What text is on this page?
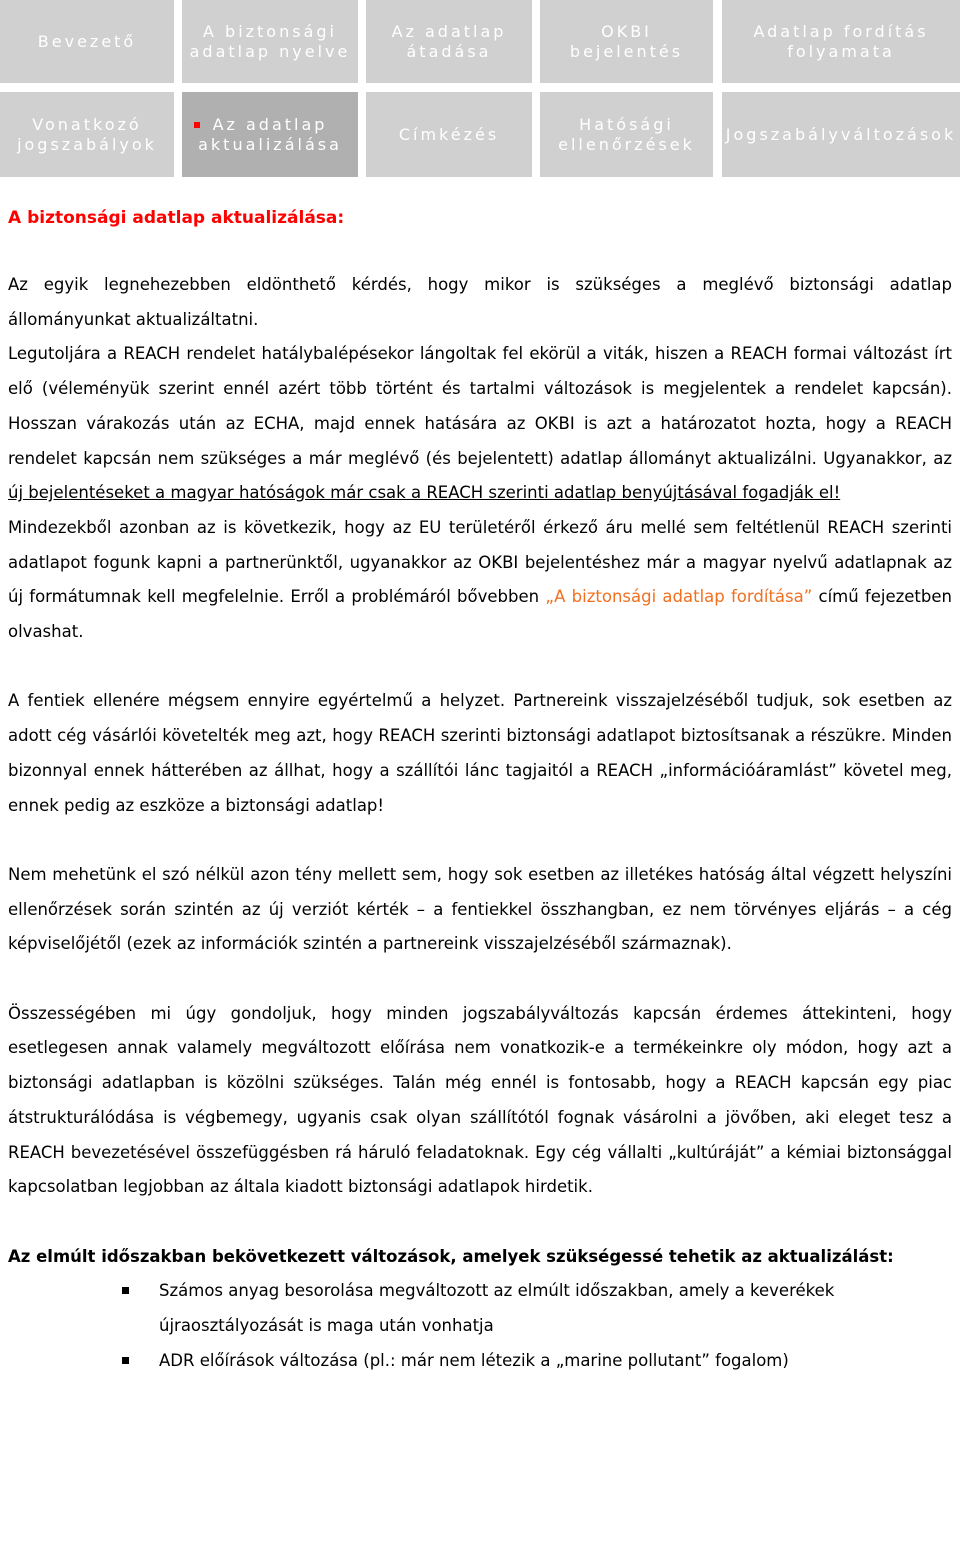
Bevezető
A biztonsági adatlap nyelve
Az adatlap átadása
OKBI bejelentés
Adatlap fordítás folyamata
Vonatkozó jogszabályok
Az adatlap aktualizálása
Címkézés
Hatósági ellenőrzések
Jogszabályváltozások
A biztonsági adatlap aktualizálása:

Az egyik legnehezebben eldönthető kérdés, hogy mikor is szükséges a meglévő biztonsági adatlap állományunkat aktualizáltatni.

Legutoljára a REACH rendelet hatálybalépésekor lángoltak fel ekörül a viták, hiszen a REACH formai változást írt elő (véleményük szerint ennél azért több történt és tartalmi változások is megjelentek a rendelet kapcsán). Hosszan várakozás után az ECHA, majd ennek hatására az OKBI is azt a határozatot hozta, hogy a REACH rendelet kapcsán nem szükséges a már meglévő (és bejelentett) adatlap állományt aktualizálni. Ugyanakkor, az új bejelentéseket a magyar hatóságok már csak a REACH szerinti adatlap benyújtásával fogadják el!

Mindezekből azonban az is következik, hogy az EU területéről érkező áru mellé sem feltétlenül REACH szerinti adatlapot fogunk kapni a partnerünktől, ugyanakkor az OKBI bejelentéshez már a magyar nyelvű adatlapnak az új formátumnak kell megfelelnie. Erről a problémáról bővebben „A biztonsági adatlap fordítása” című fejezetben olvashat.

A fentiek ellenére mégsem ennyire egyértelmű a helyzet. Partnereink visszajelzéséből tudjuk, sok esetben az adott cég vásárlói követelték meg azt, hogy REACH szerinti biztonsági adatlapot biztosítsanak a részükre. Minden bizonnyal ennek hátterében az állhat, hogy a szállítói lánc tagjaitól a REACH „információáramlást” követel meg, ennek pedig az eszköze a biztonsági adatlap!

Nem mehetünk el szó nélkül azon tény mellett sem, hogy sok esetben az illetékes hatóság által végzett helyszíni ellenőrzések során szintén az új verziót kérték – a fentiekkel összhangban, ez nem törvényes eljárás – a cég képviselőjétől (ezek az információk szintén a partnereink visszajelzéséből származnak).

Összességében mi úgy gondoljuk, hogy minden jogszabályváltozás kapcsán érdemes áttekinteni, hogy esetlegesen annak valamely megváltozott előírása nem vonatkozik-e a termékeinkre oly módon, hogy azt a biztonsági adatlapban is közölni szükséges. Talán még ennél is fontosabb, hogy a REACH kapcsán egy piac átstrukturálódása is végbemegy, ugyanis csak olyan szállítótól fognak vásárolni a jövőben, aki eleget tesz a REACH bevezetésével összefüggésben rá háruló feladatoknak. Egy cég vállalti „kultúráját” a kémiai biztonsággal kapcsolatban legjobban az általa kiadott biztonsági adatlapok hirdetik.

Az elmúlt időszakban bekövetkezett változások, amelyek szükségessé tehetik az aktualizálást:

Számos anyag besorolása megváltozott az elmúlt időszakban, amely a keverékek újraosztályozását is maga után vonhatja
ADR előírások változása (pl.: már nem létezik a „marine pollutant” fogalom)
